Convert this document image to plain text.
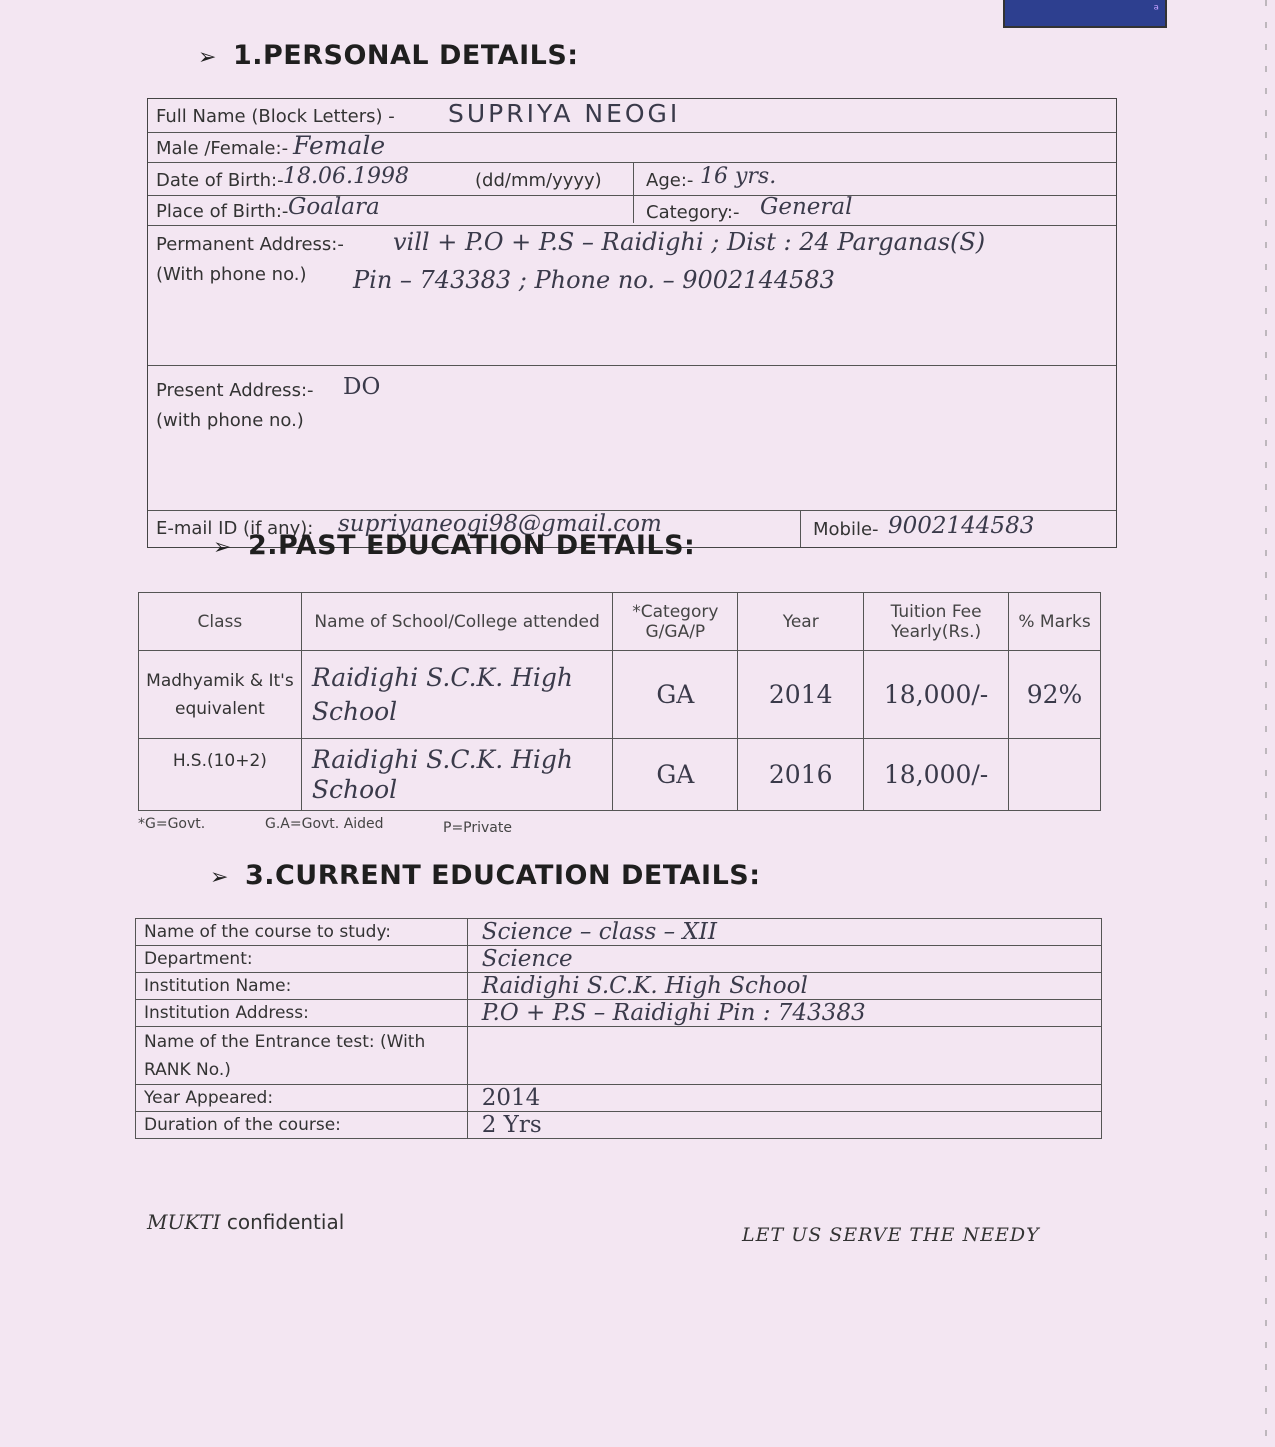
ᵃ
➢ 1.PERSONAL DETAILS:
Full Name (Block Letters) - SUPRIYA NEOGI
Male /Female:- Female
Date of Birth:- 18.06.1998	(dd/mm/yyyy) Age:- 16 yrs.
Place of Birth:- Goalara	Category:- General
Permanent Address:-
(With phone no.)
vill + P.O + P.S – Raidighi ; Dist : 24 Parganas(S)
Pin – 743383 ; Phone no. – 9002144583
Present Address:-
(with phone no.)
DO
E-mail ID (if any): supriyaneogi98@gmail.com	Mobile- 9002144583
➢ 2.PAST EDUCATION DETAILS:
Class	Name of School/College attended	*Category G/GA/P	Year	Tuition Fee Yearly(Rs.)	% Marks
Madhyamik & It's equivalent	Raidighi S.C.K. High School	GA	2014	18,000/-	92%
H.S.(10+2)	Raidighi S.C.K. High School	GA	2016	18,000/-	
*G=Govt.	G.A=Govt. Aided	P=Private
➢ 3.CURRENT EDUCATION DETAILS:
Name of the course to study:	Science – class – XII
Department:	Science
Institution Name:	Raidighi S.C.K. High School
Institution Address:	P.O + P.S – Raidighi Pin : 743383
Name of the Entrance test: (With RANK No.)	
Year Appeared:	2014
Duration of the course:	2 Yrs
MUKTI confidential
LET US SERVE THE NEEDY
